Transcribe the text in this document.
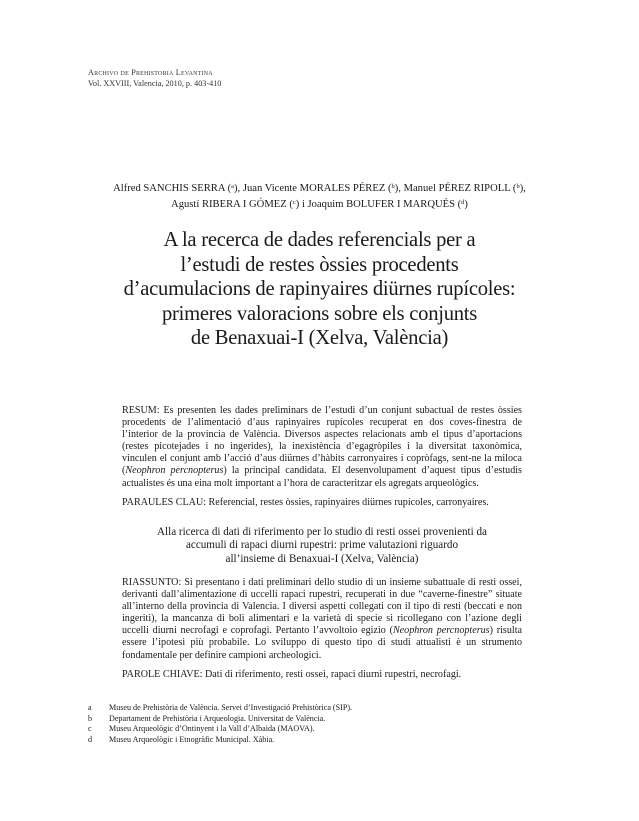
Archivo de Prehistoria Levantina
Vol. XXVIII, Valencia, 2010, p. 403-410
Alfred SANCHIS SERRA ($^a$), Juan Vicente MORALES PÉREZ ($^b$), Manuel PÉREZ RIPOLL ($^b$),
Agustí RIBERA I GÓMEZ ($^c$) i Joaquim BOLUFER I MARQUÉS ($^d$)
A la recerca de dades referencials per a
l’estudi de restes òssies procedents
d’acumulacions de rapinyaires diürnes rupícoles:
primeres valoracions sobre els conjunts
de Benaxuai-I (Xelva, València)

RESUM: Es presenten les dades preliminars de l’estudi d’un conjunt subactual de restes òssies procedents de l’alimentació d’aus rapinyaires rupícoles recuperat en dos coves-finestra de l’interior de la província de València. Diversos aspectes relacionats amb el tipus d’aportacions (restes picotejades i no ingerides), la inexistència d’egagròpiles i la diversitat taxonòmica, vinculen el conjunt amb l’acció d’aus diürnes d’hàbits carronyaires i copròfags, sent-ne la miloca (Neophron percnopterus) la principal candidata. El desenvolupament d’aquest tipus d’estudis actualistes és una eina molt important a l’hora de caracteritzar els agregats arqueològics.

PARAULES CLAU: Referencial, restes òssies, rapinyaires diürnes rupícoles, carronyaires.

Alla ricerca di dati di riferimento per lo studio di resti ossei provenienti da
accumuli di rapaci diurni rupestri: prime valutazioni riguardo
all’insieme di Benaxuai-I (Xelva, València)

RIASSUNTO: Si presentano i dati preliminari dello studio di un insieme subattuale di resti ossei, derivanti dall’alimentazione di uccelli rapaci rupestri, recuperati in due “caverne-finestre” situate all’interno della provincia di Valencia. I diversi aspetti collegati con il tipo di resti (beccati e non ingeriti), la mancanza di boli alimentari e la varietà di specie si ricollegano con l’azione degli uccelli diurni necrofagi e coprofagi. Pertanto l’avvoltoio egizio (Neophron percnopterus) risulta essere l’ipotesi più probabile. Lo sviluppo di questo tipo di studi attualisti è un strumento fondamentale per definire campioni archeologici.

PAROLE CHIAVE: Dati di riferimento, resti ossei, rapaci diurni rupestri, necrofagi.

a	Museu de Prehistòria de València. Servei d’Investigació Prehistòrica (SIP).
b	Departament de Prehistòria i Arqueologia. Universitat de València.
c	Museu Arqueològic d’Ontinyent i la Vall d’Albaida (MAOVA).
d	Museu Arqueològic i Etnogràfic Municipal. Xàbia.
